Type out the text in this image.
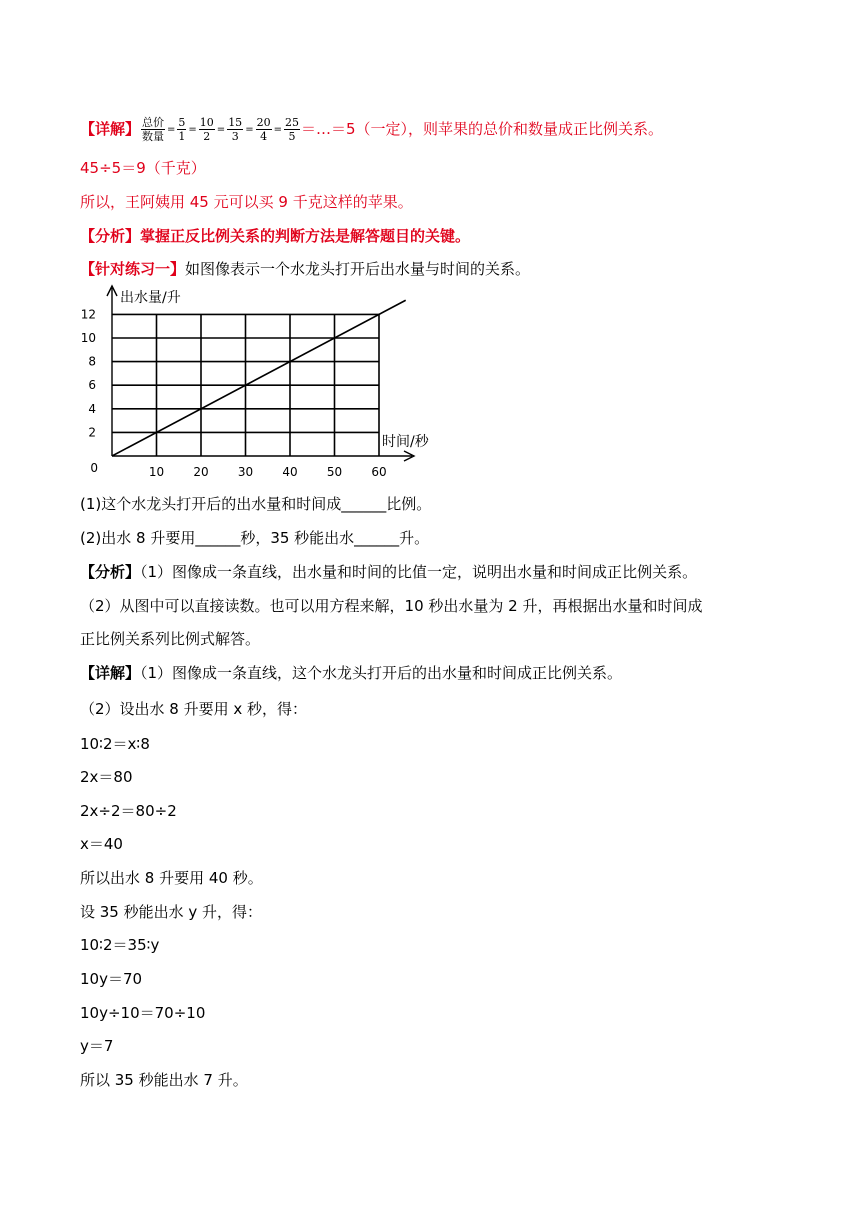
【详解】 $\frac{\text{总价}}{\text{数量}} = \frac{5}{1} = \frac{10}{2} = \frac{15}{3} = \frac{20}{4} = \frac{25}{5}$ ＝…＝5（一定），则苹果的总价和数量成正比例关系。
45÷5＝9（千克）
所以，王阿姨用 45 元可以买 9 千克这样的苹果。
【分析】掌握正反比例关系的判断方法是解答题目的关键。
【针对练习一】如图像表示一个水龙头打开后出水量与时间的关系。
10 20 30 40 50 60
2
4
6
8
10
12
0
出水量/升
时间/秒
(1)这个水龙头打开后的出水量和时间成______比例。
(2)出水 8 升要用______秒，35 秒能出水______升。
【分析】（1）图像成一条直线，出水量和时间的比值一定，说明出水量和时间成正比例关系。
（2）从图中可以直接读数。也可以用方程来解，10 秒出水量为 2 升，再根据出水量和时间成
正比例关系列比例式解答。
【详解】（1）图像成一条直线，这个水龙头打开后的出水量和时间成正比例关系。
（2）设出水 8 升要用 x 秒，得：
10∶2＝x∶8
2x＝80
2x÷2＝80÷2
x＝40
所以出水 8 升要用 40 秒。
设 35 秒能出水 y 升，得：
10∶2＝35∶y
10y＝70
10y÷10＝70÷10
y＝7
所以 35 秒能出水 7 升。
